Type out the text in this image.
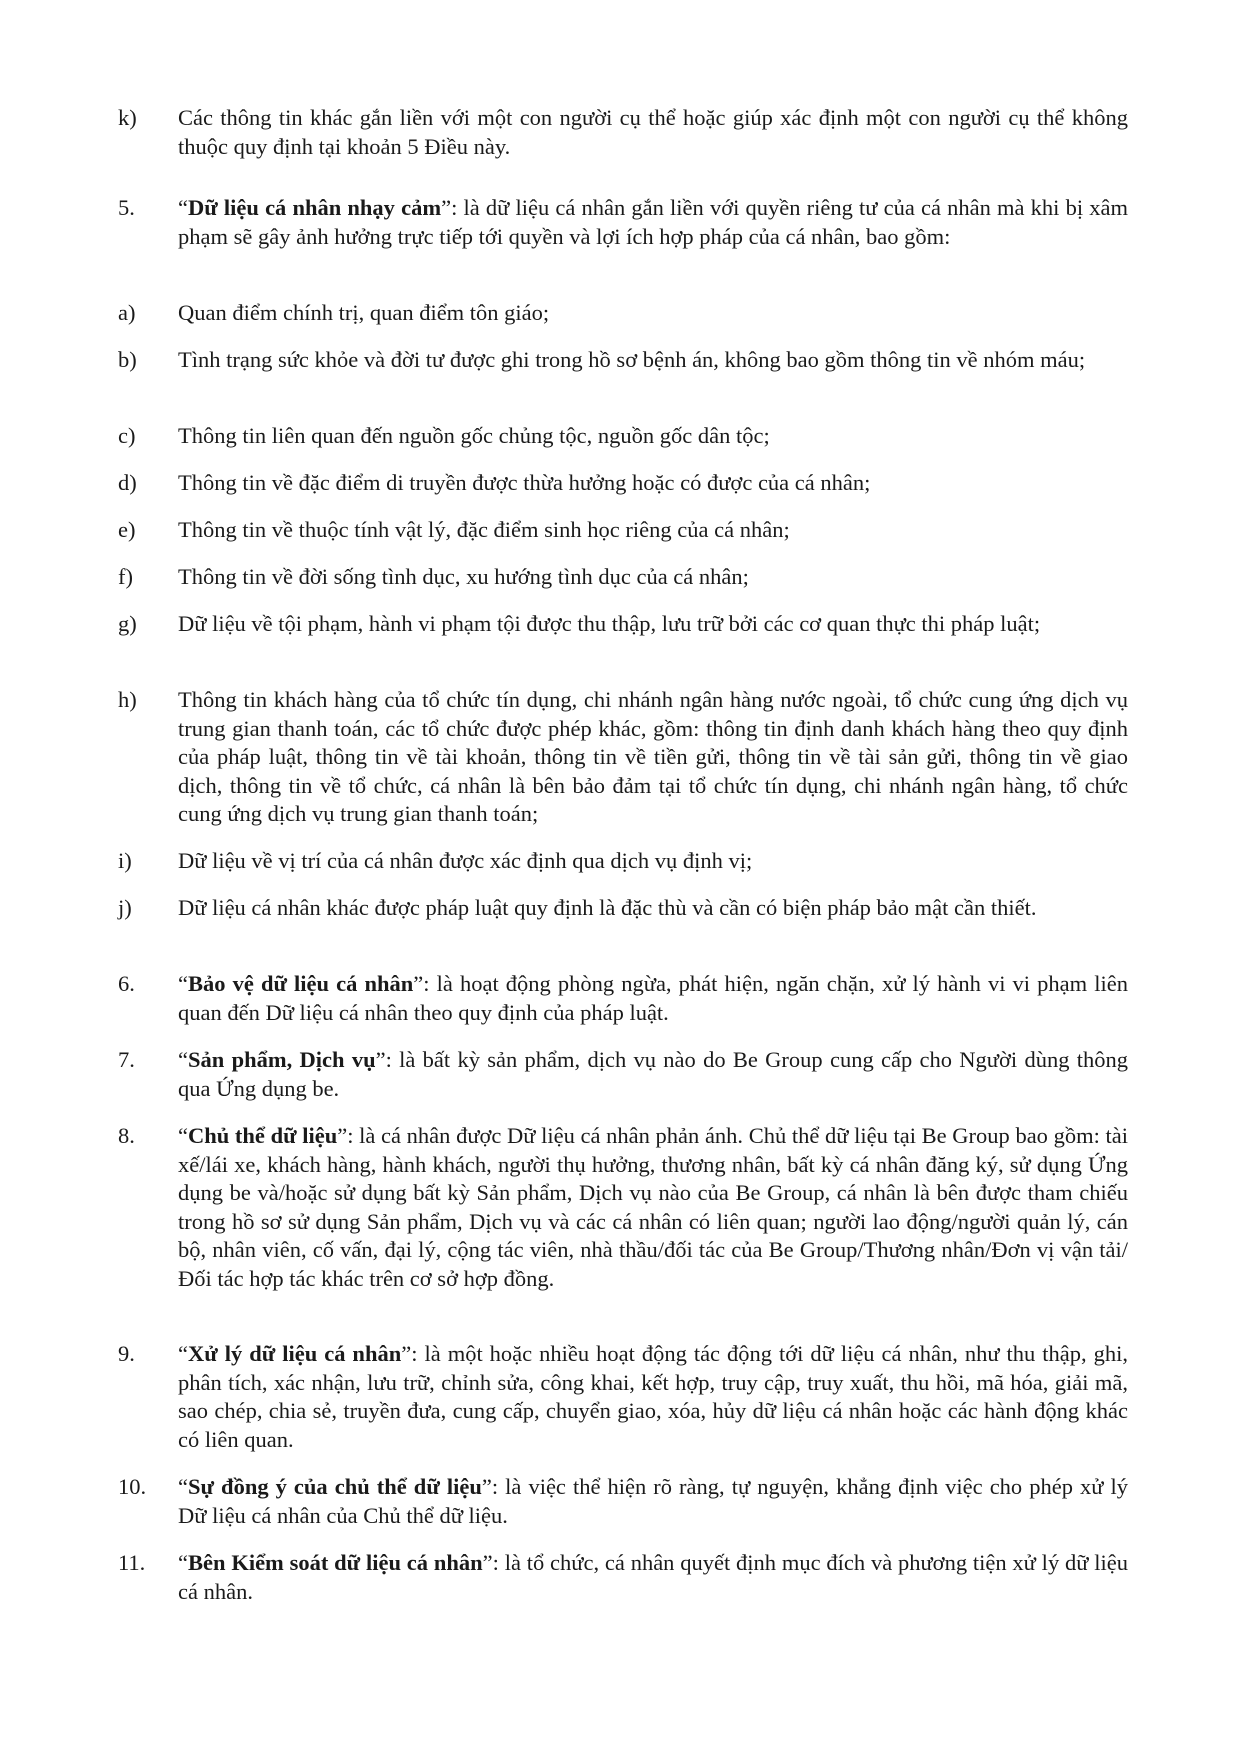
k)	Các thông tin khác gắn liền với một con người cụ thể hoặc giúp xác định một con người cụ thể không thuộc quy định tại khoản 5 Điều này.
5.	“Dữ liệu cá nhân nhạy cảm”: là dữ liệu cá nhân gắn liền với quyền riêng tư của cá nhân mà khi bị xâm phạm sẽ gây ảnh hưởng trực tiếp tới quyền và lợi ích hợp pháp của cá nhân, bao gồm:
a)	Quan điểm chính trị, quan điểm tôn giáo;
b)	Tình trạng sức khỏe và đời tư được ghi trong hồ sơ bệnh án, không bao gồm thông tin về nhóm máu;
c)	Thông tin liên quan đến nguồn gốc chủng tộc, nguồn gốc dân tộc;
d)	Thông tin về đặc điểm di truyền được thừa hưởng hoặc có được của cá nhân;
e)	Thông tin về thuộc tính vật lý, đặc điểm sinh học riêng của cá nhân;
f)	Thông tin về đời sống tình dục, xu hướng tình dục của cá nhân;
g)	Dữ liệu về tội phạm, hành vi phạm tội được thu thập, lưu trữ bởi các cơ quan thực thi pháp luật;
h)	Thông tin khách hàng của tổ chức tín dụng, chi nhánh ngân hàng nước ngoài, tổ chức cung ứng dịch vụ trung gian thanh toán, các tổ chức được phép khác, gồm: thông tin định danh khách hàng theo quy định của pháp luật, thông tin về tài khoản, thông tin về tiền gửi, thông tin về tài sản gửi, thông tin về giao dịch, thông tin về tổ chức, cá nhân là bên bảo đảm tại tổ chức tín dụng, chi nhánh ngân hàng, tổ chức cung ứng dịch vụ trung gian thanh toán;
i)	Dữ liệu về vị trí của cá nhân được xác định qua dịch vụ định vị;
j)	Dữ liệu cá nhân khác được pháp luật quy định là đặc thù và cần có biện pháp bảo mật cần thiết.
6.	“Bảo vệ dữ liệu cá nhân”: là hoạt động phòng ngừa, phát hiện, ngăn chặn, xử lý hành vi vi phạm liên quan đến Dữ liệu cá nhân theo quy định của pháp luật.
7.	“Sản phẩm, Dịch vụ”: là bất kỳ sản phẩm, dịch vụ nào do Be Group cung cấp cho Người dùng thông qua Ứng dụng be.
8.	“Chủ thể dữ liệu”: là cá nhân được Dữ liệu cá nhân phản ánh. Chủ thể dữ liệu tại Be Group bao gồm: tài xế/lái xe, khách hàng, hành khách, người thụ hưởng, thương nhân, bất kỳ cá nhân đăng ký, sử dụng Ứng dụng be và/hoặc sử dụng bất kỳ Sản phẩm, Dịch vụ nào của Be Group, cá nhân là bên được tham chiếu trong hồ sơ sử dụng Sản phẩm, Dịch vụ và các cá nhân có liên quan; người lao động/người quản lý, cán bộ, nhân viên, cố vấn, đại lý, cộng tác viên, nhà thầu/đối tác của Be Group/Thương nhân/Đơn vị vận tải/Đối tác hợp tác khác trên cơ sở hợp đồng.
9.	“Xử lý dữ liệu cá nhân”: là một hoặc nhiều hoạt động tác động tới dữ liệu cá nhân, như thu thập, ghi, phân tích, xác nhận, lưu trữ, chỉnh sửa, công khai, kết hợp, truy cập, truy xuất, thu hồi, mã hóa, giải mã, sao chép, chia sẻ, truyền đưa, cung cấp, chuyển giao, xóa, hủy dữ liệu cá nhân hoặc các hành động khác có liên quan.
10.	“Sự đồng ý của chủ thể dữ liệu”: là việc thể hiện rõ ràng, tự nguyện, khẳng định việc cho phép xử lý Dữ liệu cá nhân của Chủ thể dữ liệu.
11.	“Bên Kiểm soát dữ liệu cá nhân”: là tổ chức, cá nhân quyết định mục đích và phương tiện xử lý dữ liệu cá nhân.
